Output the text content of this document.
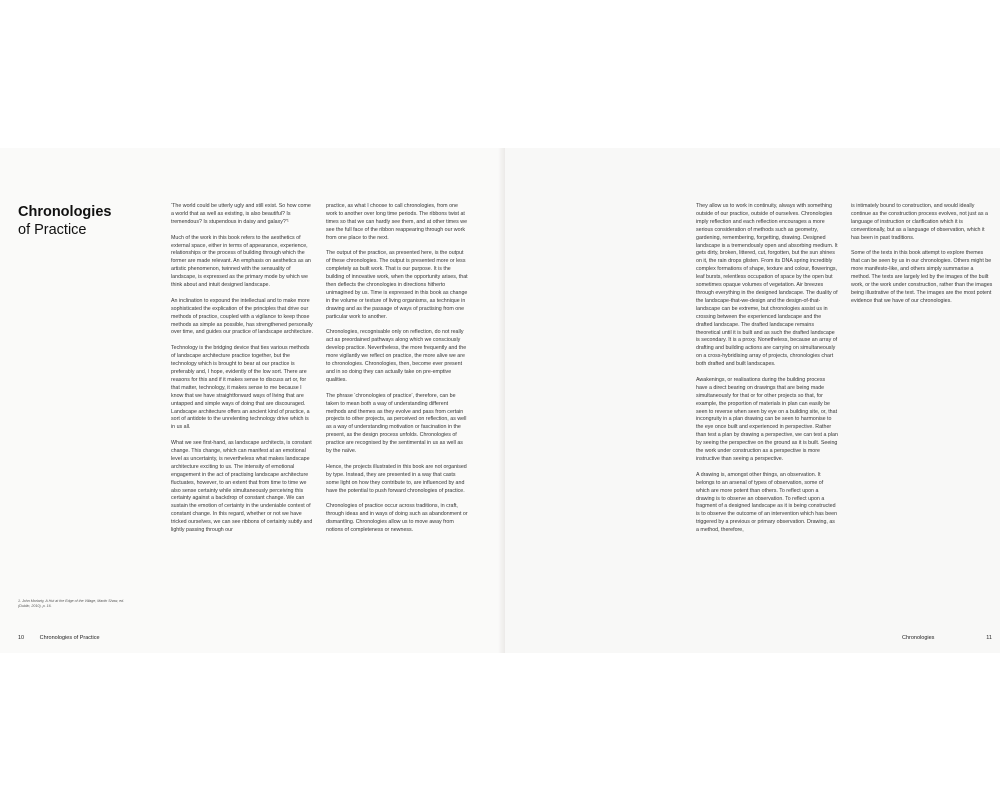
Chronologies
of Practice

‘The world could be utterly ugly and still exist. So how come a world that as well as existing, is also beautiful? Is tremendous? Is stupendous in daisy and galaxy?’¹

Much of the work in this book refers to the aesthetics of external space, either in terms of appearance, experience, relationships or the process of building through which the former are made relevant. An emphasis on aesthetics as an artistic phenomenon, twinned with the sensuality of landscape, is expressed as the primary mode by which we think about and intuit designed landscape.

An inclination to expound the intellectual and to make more sophisticated the explication of the principles that drive our methods of practice, coupled with a vigilance to keep those methods as simple as possible, has strengthened personally over time, and guides our practice of landscape architecture.

Technology is the bridging device that ties various methods of landscape architecture practice together, but the technology which is brought to bear at our practice is preferably and, I hope, evidently of the low sort. There are reasons for this and if it makes sense to discuss art or, for that matter, technology, it makes sense to me because I know that we have straightforward ways of living that are untapped and simple ways of doing that are discouraged. Landscape architecture offers an ancient kind of practice, a sort of antidote to the unrelenting technology drive which is in us all.

What we see first-hand, as landscape architects, is constant change. This change, which can manifest at an emotional level as uncertainty, is nevertheless what makes landscape architecture exciting to us. The intensity of emotional engagement in the act of practising landscape architecture fluctuates, however, to an extent that from time to time we also sense certainty while simultaneously perceiving this certainty against a backdrop of constant change. We can sustain the emotion of certainty in the undeniable context of constant change. In this regard, whether or not we have tricked ourselves, we can see ribbons of certainty subtly and lightly passing through our

practice, as what I choose to call chronologies, from one work to another over long time periods. The ribbons twist at times so that we can hardly see them, and at other times we see the full face of the ribbon reappearing through our work from one place to the next.

The output of the practice, as presented here, is the output of these chronologies. The output is presented more or less completely as built work. That is our purpose. It is the building of innovative work, when the opportunity arises, that then deflects the chronologies in directions hitherto unimagined by us. Time is expressed in this book as change in the volume or texture of living organisms, as technique in drawing and as the passage of ways of practising from one particular work to another.

Chronologies, recognisable only on reflection, do not really act as preordained pathways along which we consciously develop practice. Nevertheless, the more frequently and the more vigilantly we reflect on practice, the more alive we are to chronologies. Chronologies, then, become ever present and in so doing they can actually take on pre-emptive qualities.

The phrase ‘chronologies of practice’, therefore, can be taken to mean both a way of understanding different methods and themes as they evolve and pass from certain projects to other projects, as perceived on reflection, as well as a way of understanding motivation or fascination in the present, as the design process unfolds. Chronologies of practice are recognised by the sentimental in us as well as by the naïve.

Hence, the projects illustrated in this book are not organised by type. Instead, they are presented in a way that casts some light on how they contribute to, are influenced by and have the potential to push forward chronologies of practice.

Chronologies of practice occur across traditions, in craft, through ideas and in ways of doing such as abandonment or dismantling. Chronologies allow us to move away from notions of completeness or newness.

1. John Moriarty, A Hut at the Edge of the Village, Martin Shaw, ed. (Dublin, 2010), p. 16.
10	Chronologies of Practice

They allow us to work in continuity, always with something outside of our practice, outside of ourselves. Chronologies imply reflection and each reflection encourages a more serious consideration of methods such as geometry, gardening, remembering, forgetting, drawing. Designed landscape is a tremendously open and absorbing medium. It gets dirty, broken, littered, cut, forgotten, but the sun shines on it, the rain drops glisten. From its DNA spring incredibly complex formations of shape, texture and colour, flowerings, leaf bursts, relentless occupation of space by the open but sometimes opaque volumes of vegetation. Air breezes through everything in the designed landscape. The duality of the landscape-that-we-design and the design-of-that-landscape can be extreme, but chronologies assist us in crossing between the experienced landscape and the drafted landscape. The drafted landscape remains theoretical until it is built and as such the drafted landscape is secondary. It is a proxy. Nonetheless, because an array of drafting and building actions are carrying on simultaneously on a cross-hybridising array of projects, chronologies chart both drafted and built landscapes.

Awakenings, or realisations during the building process have a direct bearing on drawings that are being made simultaneously for that or for other projects so that, for example, the proportion of materials in plan can easily be seen to reverse when seen by eye on a building site, or, that incongruity in a plan drawing can be seen to harmonise to the eye once built and experienced in perspective. Rather than test a plan by drawing a perspective, we can test a plan by seeing the perspective on the ground as it is built. Seeing the work under construction as a perspective is more instructive than seeing a perspective.

A drawing is, amongst other things, an observation. It belongs to an arsenal of types of observation, some of which are more potent than others. To reflect upon a drawing is to observe an observation. To reflect upon a fragment of a designed landscape as it is being constructed is to observe the outcome of an intervention which has been triggered by a previous or primary observation. Drawing, as a method, therefore,

is intimately bound to construction, and would ideally continue as the construction process evolves, not just as a language of instruction or clarification which it is conventionally, but as a language of observation, which it has been in past traditions.

Some of the texts in this book attempt to explore themes that can be seen by us in our chronologies. Others might be more manifesto-like, and others simply summarise a method. The texts are largely led by the images of the built work, or the work under construction, rather than the images being illustrative of the text. The images are the most potent evidence that we have of our chronologies.

Chronologies	11
